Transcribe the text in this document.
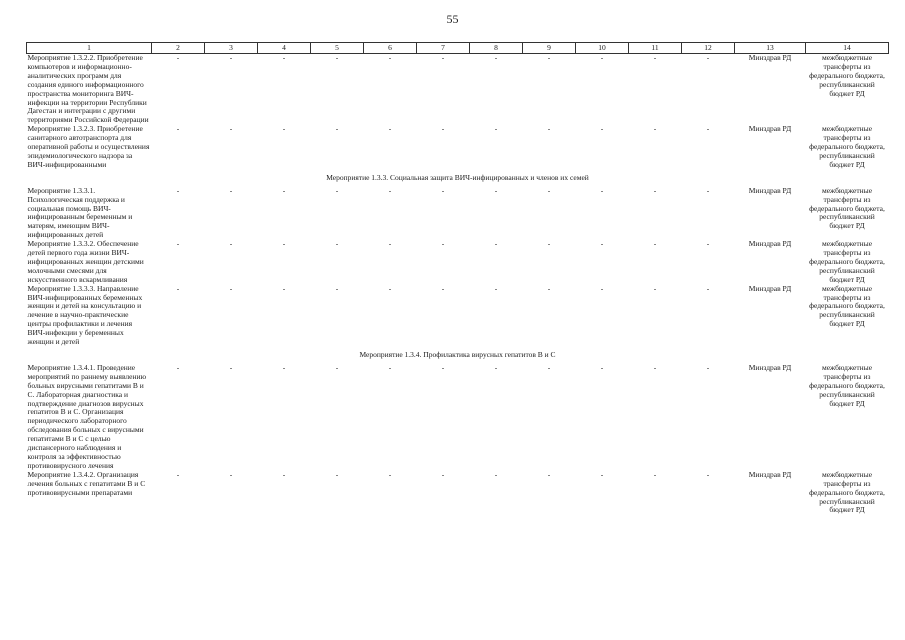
55
1	2	3	4	5	6	7	8	9	10	11	12	13	14
Мероприятие 1.3.2.2. Приобретение компьютеров и информационно-аналитических программ для создания единого информационного пространства мониторинга ВИЧ-инфекции на территории Республики Дагестан и интеграции с другими территориями Российской Федерации	-	-	-	-	-	-	-	-	-	-	-	Минздрав РД	межбюджетные трансферты из федерального бюджета, республиканский бюджет РД
Мероприятие 1.3.2.3. Приобретение санитарного автотранспорта для оперативной работы и осуществления эпидемиологического надзора за ВИЧ-инфицированными	-	-	-	-	-	-	-	-	-	-	-	Минздрав РД	межбюджетные трансферты из федерального бюджета, республиканский бюджет РД
Мероприятие 1.3.3. Социальная защита ВИЧ-инфицированных и членов их семей													
Мероприятие 1.3.3.1. Психологическая поддержка и социальная помощь ВИЧ-инфицированным беременным и матерям, имеющим ВИЧ-инфицированных детей	-	-	-	-	-	-	-	-	-	-	-	Минздрав РД	межбюджетные трансферты из федерального бюджета, республиканский бюджет РД
Мероприятие 1.3.3.2. Обеспечение детей первого года жизни ВИЧ-инфицированных женщин детскими молочными смесями для искусственного вскармливания	-	-	-	-	-	-	-	-	-	-	-	Минздрав РД	межбюджетные трансферты из федерального бюджета, республиканский бюджет РД
Мероприятие 1.3.3.3. Направление ВИЧ-инфицированных беременных женщин и детей на консультацию и лечение в научно-практические центры профилактики и лечения ВИЧ-инфекции у беременных женщин и детей	-	-	-	-	-	-	-	-	-	-	-	Минздрав РД	межбюджетные трансферты из федерального бюджета, республиканский бюджет РД
Мероприятие 1.3.4. Профилактика вирусных гепатитов В и С													
Мероприятие 1.3.4.1. Проведение мероприятий по раннему выявлению больных вирусными гепатитами В и С. Лабораторная диагностика и подтверждение диагнозов вирусных гепатитов В и С. Организация периодического лабораторного обследования больных с вирусными гепатитами В и С с целью диспансерного наблюдения и контроля за эффективностью противовирусного лечения	-	-	-	-	-	-	-	-	-	-	-	Минздрав РД	межбюджетные трансферты из федерального бюджета, республиканский бюджет РД
Мероприятие 1.3.4.2. Организация лечения больных с гепатитами В и С противовирусными препаратами	-	-	-	-	-	-	-	-	-	-	-	Минздрав РД	межбюджетные трансферты из федерального бюджета, республиканский бюджет РД
